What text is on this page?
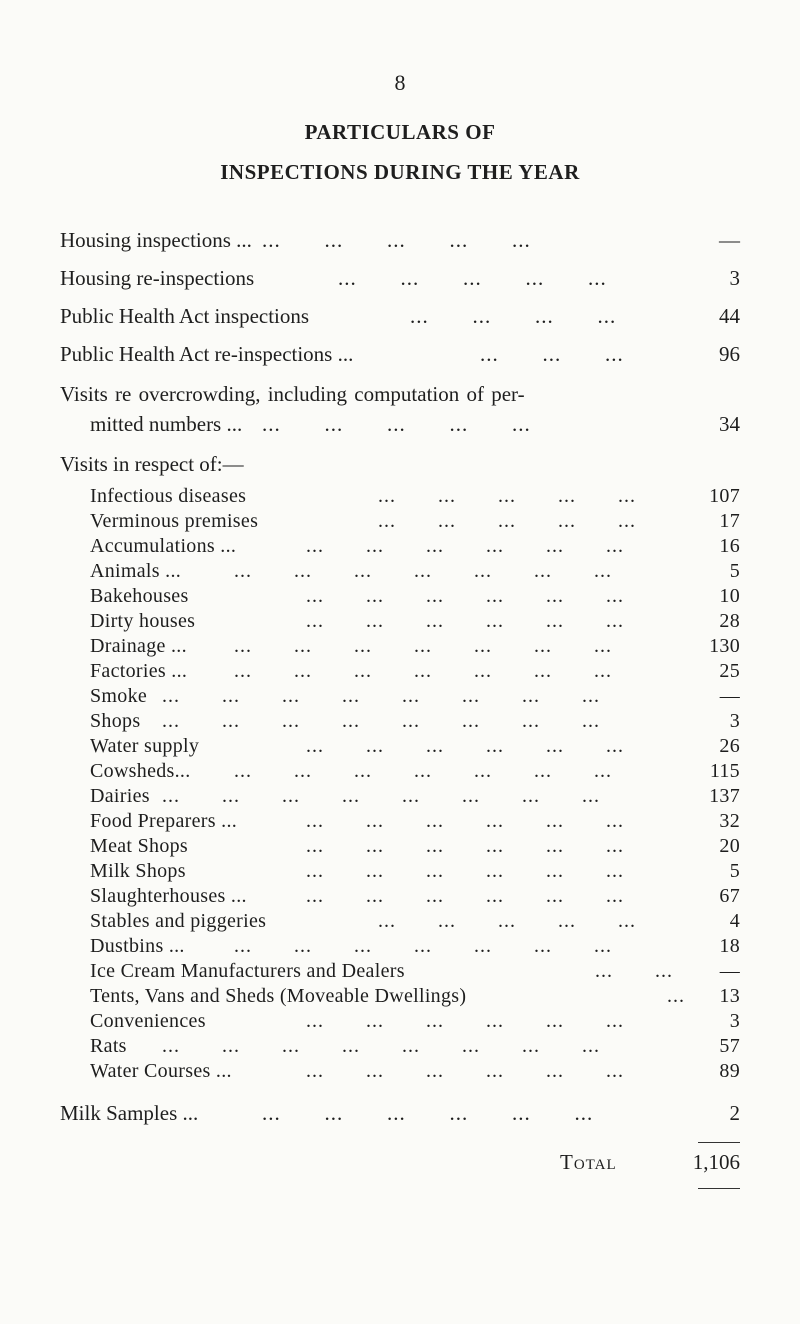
8
PARTICULARS OF
INSPECTIONS DURING THE YEAR
Housing inspections ... ...       ...       ...       ...       ...	—
Housing re-inspections	...       ...       ...       ...       ...	3
Public Health Act inspections	...       ...       ...       ...	44
Public Health Act re-inspections ...	...       ...       ...	96
Visits re overcrowding, including computation of per-
mitted numbers ... ...       ...       ...       ...       ...	34
Visits in respect of:—
Infectious diseases	...       ...       ...       ...       ...	107
Verminous premises	...       ...       ...       ...       ...	17
Accumulations ...	...       ...       ...       ...       ...       ...	16
Animals ...	...       ...       ...       ...       ...       ...       ...	5
Bakehouses	...       ...       ...       ...       ...       ...	10
Dirty houses	...       ...       ...       ...       ...       ...	28
Drainage ... ...       ...       ...       ...       ...       ...       ...	130
Factories ... ...       ...       ...       ...       ...       ...       ...	25
Smoke ...       ...       ...       ...       ...       ...       ...       ...	—
Shops ...       ...       ...       ...       ...       ...       ...       ...	3
Water supply	...       ...       ...       ...       ...       ...	26
Cowsheds... ...       ...       ...       ...       ...       ...       ...	115
Dairies ...       ...       ...       ...       ...       ...       ...       ...	137
Food Preparers ...	...       ...       ...       ...       ...       ...	32
Meat Shops	...       ...       ...       ...       ...       ...	20
Milk Shops	...       ...       ...       ...       ...       ...	5
Slaughterhouses ...	...       ...       ...       ...       ...       ...	67
Stables and piggeries	...       ...       ...       ...       ...	4
Dustbins ... ...       ...       ...       ...       ...       ...       ...	18
Ice Cream Manufacturers and Dealers	...       ...	—
Tents, Vans and Sheds (Moveable Dwellings)	...	13
Conveniences	...       ...       ...       ...       ...       ...	3
Rats ...       ...       ...       ...       ...       ...       ...       ...	57
Water Courses ...	...       ...       ...       ...       ...       ...	89
Milk Samples ...	...       ...       ...       ...       ...       ...	2
Total	1,106
